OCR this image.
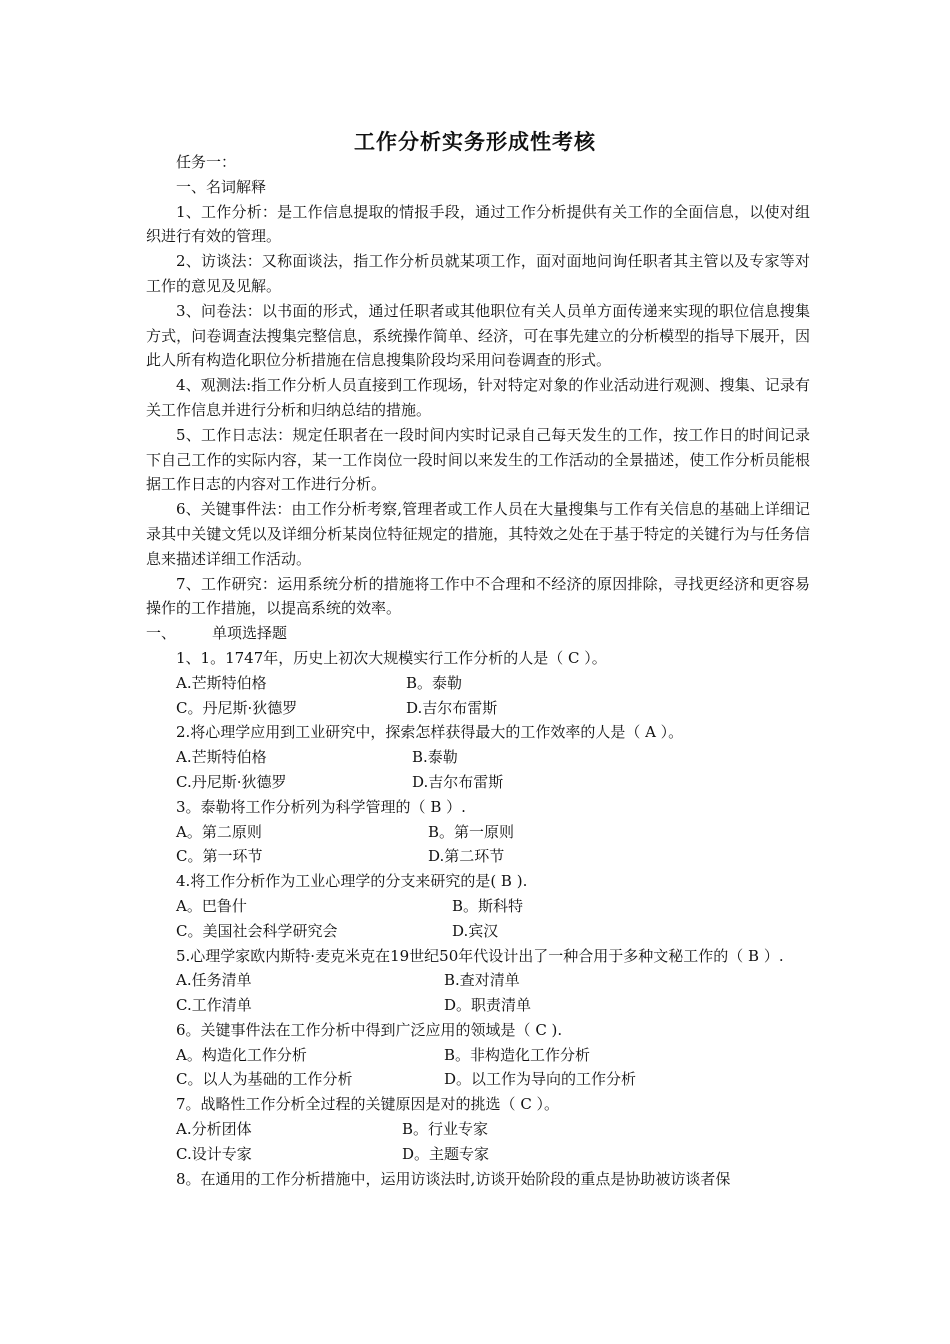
工作分析实务形成性考核

任务一：

一、名词解释

1、工作分析：是工作信息提取的情报手段，通过工作分析提供有关工作的全面信息，以使对组织进行有效的管理。

2、访谈法：又称面谈法，指工作分析员就某项工作，面对面地问询任职者其主管以及专家等对工作的意见及见解。

3、问卷法：以书面的形式，通过任职者或其他职位有关人员单方面传递来实现的职位信息搜集方式，问卷调查法搜集完整信息，系统操作简单、经济，可在事先建立的分析模型的指导下展开，因此人所有构造化职位分析措施在信息搜集阶段均采用问卷调查的形式。

4、观测法:指工作分析人员直接到工作现场，针对特定对象的作业活动进行观测、搜集、记录有关工作信息并进行分析和归纳总结的措施。

5、工作日志法：规定任职者在一段时间内实时记录自己每天发生的工作，按工作日的时间记录下自己工作的实际内容，某一工作岗位一段时间以来发生的工作活动的全景描述，使工作分析员能根据工作日志的内容对工作进行分析。

6、关键事件法：由工作分析考察,管理者或工作人员在大量搜集与工作有关信息的基础上详细记录其中关键文凭以及详细分析某岗位特征规定的措施，其特效之处在于基于特定的关键行为与任务信息来描述详细工作活动。

7、工作研究：运用系统分析的措施将工作中不合理和不经济的原因排除，寻找更经济和更容易操作的工作措施，以提高系统的效率。

一、 单项选择题

1、1。1747年，历史上初次大规模实行工作分析的人是（ C ）。

A.芒斯特伯格	B。泰勒
C。丹尼斯·狄德罗	D.吉尔布雷斯

2.将心理学应用到工业研究中，探索怎样获得最大的工作效率的人是（ A ）。

A.芒斯特伯格	B.泰勒
C.丹尼斯·狄德罗	D.吉尔布雷斯

3。泰勒将工作分析列为科学管理的（ B ）.

A。第二原则	B。第一原则
C。第一环节	D.第二环节

4.将工作分析作为工业心理学的分支来研究的是( B ).

A。巴鲁什	B。斯科特
C。美国社会科学研究会	D.宾汉

5.心理学家欧内斯特·麦克米克在19世纪50年代设计出了一种合用于多种文秘工作的（ B ）.

A.任务清单	B.查对清单
C.工作清单	D。职责清单

6。关键事件法在工作分析中得到广泛应用的领域是（ C ).

A。构造化工作分析	B。非构造化工作分析
C。以人为基础的工作分析	D。以工作为导向的工作分析

7。战略性工作分析全过程的关键原因是对的挑选（ C ）。

A.分析团体	B。行业专家
C.设计专家	D。主题专家

8。在通用的工作分析措施中，运用访谈法时,访谈开始阶段的重点是协助被访谈者保
